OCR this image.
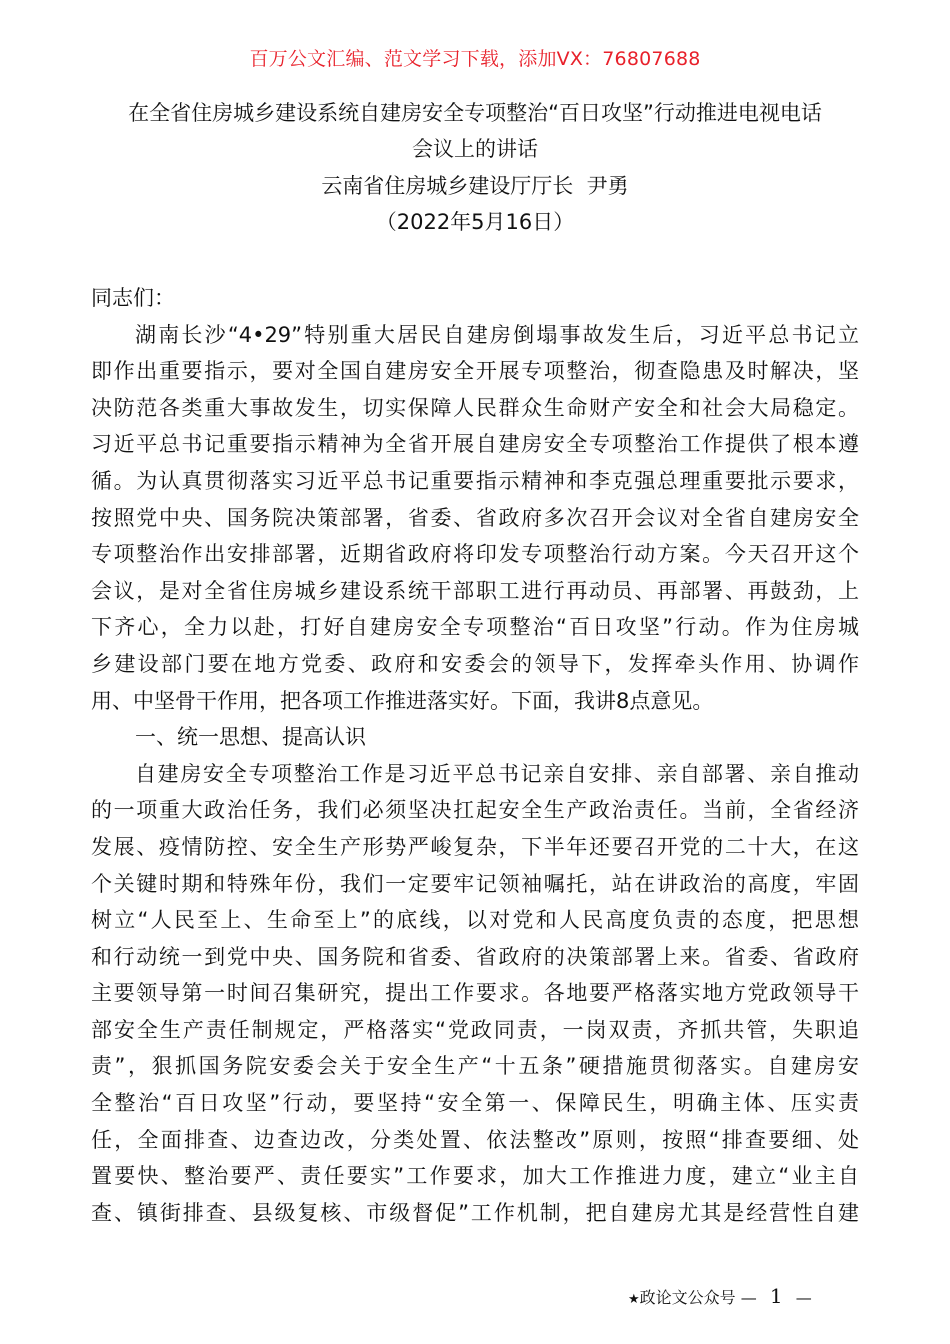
百万公文汇编、范文学习下载，添加VX：76807688
在全省住房城乡建设系统自建房安全专项整治“百日攻坚”行动推进电视电话
会议上的讲话
云南省住房城乡建设厅厅长  尹勇
（2022年5月16日）
同志们：
湖南长沙“4•29”特别重大居民自建房倒塌事故发生后，习近平总书记立
即作出重要指示，要对全国自建房安全开展专项整治，彻查隐患及时解决，坚
决防范各类重大事故发生，切实保障人民群众生命财产安全和社会大局稳定。
习近平总书记重要指示精神为全省开展自建房安全专项整治工作提供了根本遵
循。为认真贯彻落实习近平总书记重要指示精神和李克强总理重要批示要求，
按照党中央、国务院决策部署，省委、省政府多次召开会议对全省自建房安全
专项整治作出安排部署，近期省政府将印发专项整治行动方案。今天召开这个
会议，是对全省住房城乡建设系统干部职工进行再动员、再部署、再鼓劲，上
下齐心，全力以赴，打好自建房安全专项整治“百日攻坚”行动。作为住房城
乡建设部门要在地方党委、政府和安委会的领导下，发挥牵头作用、协调作
用、中坚骨干作用，把各项工作推进落实好。下面，我讲8点意见。
一、统一思想、提高认识
自建房安全专项整治工作是习近平总书记亲自安排、亲自部署、亲自推动
的一项重大政治任务，我们必须坚决扛起安全生产政治责任。当前，全省经济
发展、疫情防控、安全生产形势严峻复杂，下半年还要召开党的二十大，在这
个关键时期和特殊年份，我们一定要牢记领袖嘱托，站在讲政治的高度，牢固
树立“人民至上、生命至上”的底线，以对党和人民高度负责的态度，把思想
和行动统一到党中央、国务院和省委、省政府的决策部署上来。省委、省政府
主要领导第一时间召集研究，提出工作要求。各地要严格落实地方党政领导干
部安全生产责任制规定，严格落实“党政同责，一岗双责，齐抓共管，失职追
责”，狠抓国务院安委会关于安全生产“十五条”硬措施贯彻落实。自建房安
全整治“百日攻坚”行动，要坚持“安全第一、保障民生，明确主体、压实责
任，全面排查、边查边改，分类处置、依法整改”原则，按照“排查要细、处
置要快、整治要严、责任要实”工作要求，加大工作推进力度，建立“业主自
查、镇街排查、县级复核、市级督促”工作机制，把自建房尤其是经营性自建
★政论文公众号 — 1 —
